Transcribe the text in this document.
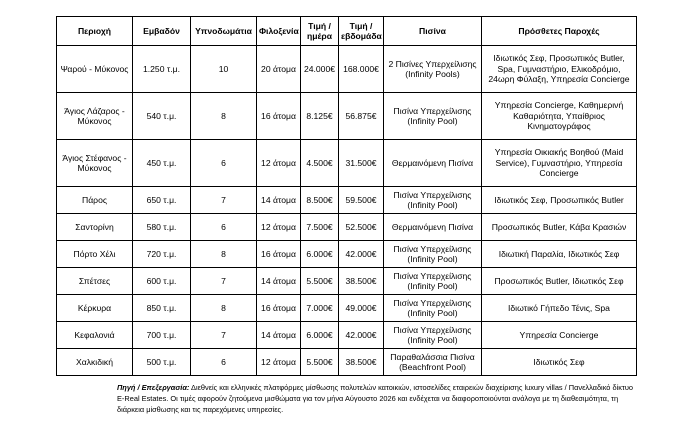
Περιοχή	Εμβαδόν	Υπνοδωμάτια	Φιλοξενία	Τιμή / ημέρα	Τιμή / εβδομάδα	Πισίνα	Πρόσθετες Παροχές
Ψαρού - Μύκονος	1.250 τ.μ.	10	20 άτομα	24.000€	168.000€	2 Πισίνες Υπερχείλισης (Infinity Pools)	Ιδιωτικός Σεφ, Προσωπικός Butler, Spa, Γυμναστήριο, Ελικοδρόμιο, 24ωρη Φύλαξη, Υπηρεσία Concierge
Άγιος Λάζαρος - Μύκονος	540 τ.μ.	8	16 άτομα	8.125€	56.875€	Πισίνα Υπερχείλισης (Infinity Pool)	Υπηρεσία Concierge, Καθημερινή Καθαριότητα, Υπαίθριος Κινηματογράφος
Άγιος Στέφανος - Μύκονος	450 τ.μ.	6	12 άτομα	4.500€	31.500€	Θερμαινόμενη Πισίνα	Υπηρεσία Οικιακής Βοηθού (Maid Service), Γυμναστήριο, Υπηρεσία Concierge
Πάρος	650 τ.μ.	7	14 άτομα	8.500€	59.500€	Πισίνα Υπερχείλισης (Infinity Pool)	Ιδιωτικός Σεφ, Προσωπικός Butler
Σαντορίνη	580 τ.μ.	6	12 άτομα	7.500€	52.500€	Θερμαινόμενη Πισίνα	Προσωπικός Butler, Κάβα Κρασιών
Πόρτο Χέλι	720 τ.μ.	8	16 άτομα	6.000€	42.000€	Πισίνα Υπερχείλισης (Infinity Pool)	Ιδιωτική Παραλία, Ιδιωτικός Σεφ
Σπέτσες	600 τ.μ.	7	14 άτομα	5.500€	38.500€	Πισίνα Υπερχείλισης (Infinity Pool)	Προσωπικός Butler, Ιδιωτικός Σεφ
Κέρκυρα	850 τ.μ.	8	16 άτομα	7.000€	49.000€	Πισίνα Υπερχείλισης (Infinity Pool)	Ιδιωτικό Γήπεδο Τένις, Spa
Κεφαλονιά	700 τ.μ.	7	14 άτομα	6.000€	42.000€	Πισίνα Υπερχείλισης (Infinity Pool)	Υπηρεσία Concierge
Χαλκιδική	500 τ.μ.	6	12 άτομα	5.500€	38.500€	Παραθαλάσσια Πισίνα (Beachfront Pool)	Ιδιωτικός Σεφ
Πηγή / Επεξεργασία: Διεθνείς και ελληνικές πλατφόρμες μίσθωσης πολυτελών κατοικιών, ιστοσελίδες εταιρειών διαχείρισης luxury villas / Πανελλαδικό δίκτυο E-Real Estates. Οι τιμές αφορούν ζητούμενα μισθώματα για τον μήνα Αύγουστο 2026 και ενδέχεται να διαφοροποιούνται ανάλογα με τη διαθεσιμότητα, τη διάρκεια μίσθωσης και τις παρεχόμενες υπηρεσίες.
